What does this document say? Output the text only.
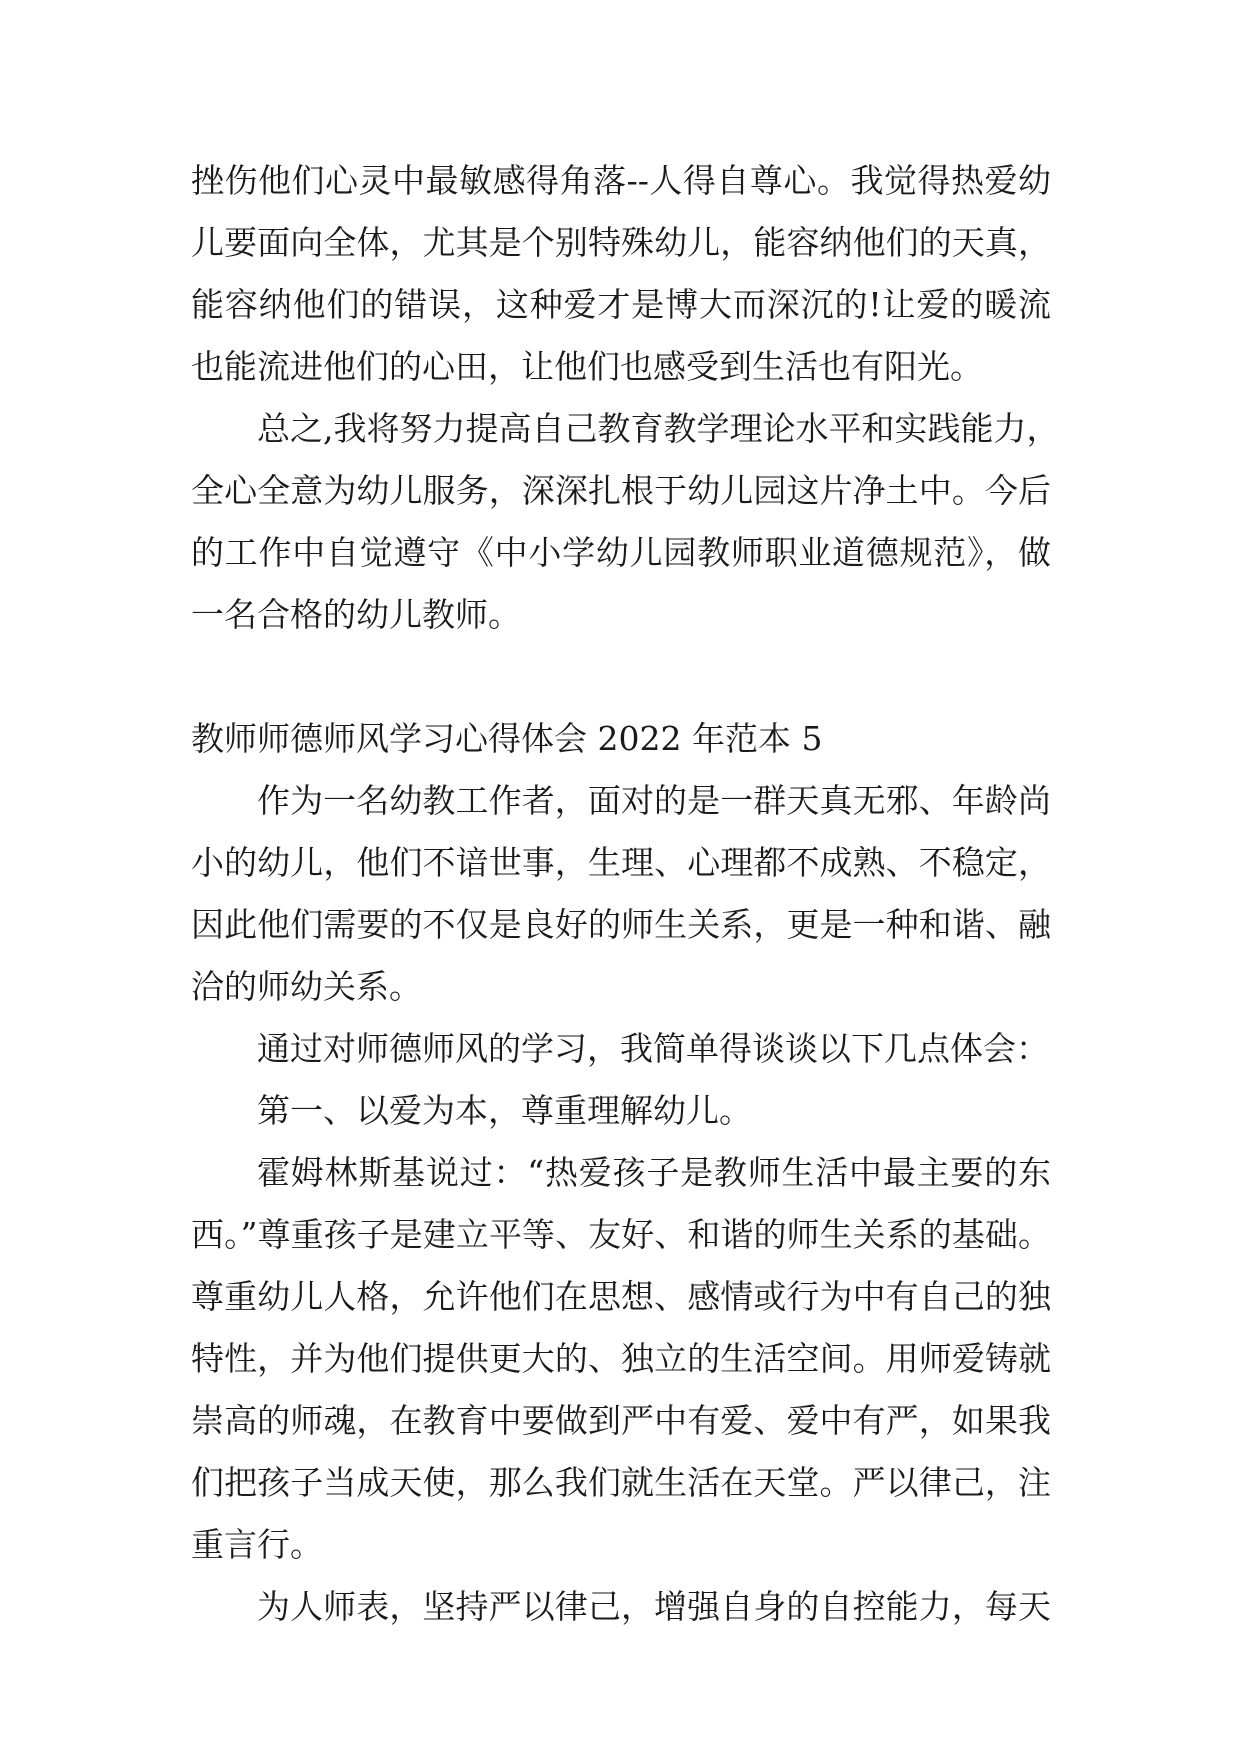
挫伤他们心灵中最敏感得角落--人得自尊心。我觉得热爱幼
儿要面向全体，尤其是个别特殊幼儿，能容纳他们的天真，
能容纳他们的错误，这种爱才是博大而深沉的!让爱的暖流
也能流进他们的心田，让他们也感受到生活也有阳光。
总之,我将努力提高自己教育教学理论水平和实践能力，
全心全意为幼儿服务，深深扎根于幼儿园这片净土中。今后
的工作中自觉遵守《中小学幼儿园教师职业道德规范》，做
一名合格的幼儿教师。
教师师德师风学习心得体会 2022 年范本 5
作为一名幼教工作者，面对的是一群天真无邪、年龄尚
小的幼儿，他们不谙世事，生理、心理都不成熟、不稳定，
因此他们需要的不仅是良好的师生关系，更是一种和谐、融
洽的师幼关系。
通过对师德师风的学习，我简单得谈谈以下几点体会：
第一、以爱为本，尊重理解幼儿。
霍姆林斯基说过：“热爱孩子是教师生活中最主要的东
西。”尊重孩子是建立平等、友好、和谐的师生关系的基础。
尊重幼儿人格，允许他们在思想、感情或行为中有自己的独
特性，并为他们提供更大的、独立的生活空间。用师爱铸就
崇高的师魂，在教育中要做到严中有爱、爱中有严，如果我
们把孩子当成天使，那么我们就生活在天堂。严以律己，注
重言行。
为人师表，坚持严以律己，增强自身的自控能力，每天
